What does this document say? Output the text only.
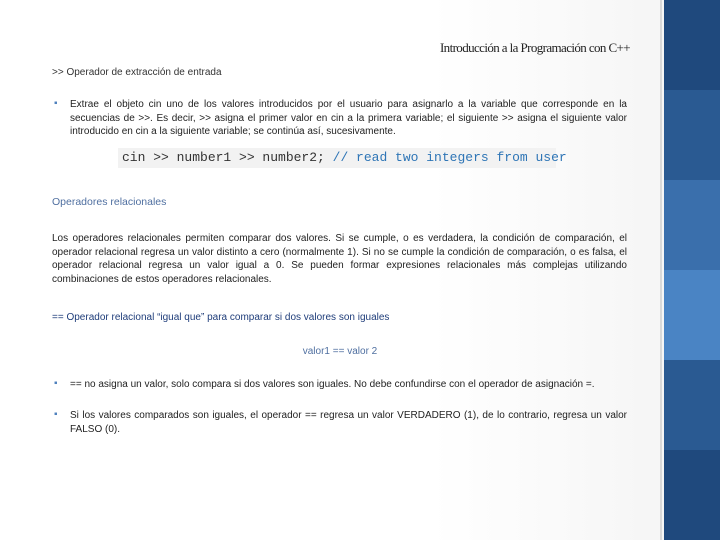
Introducción a la Programación con C++
>> Operador de extracción de entrada
▪ Extrae el objeto cin uno de los valores introducidos por el usuario para asignarlo a la variable que corresponde en la secuencias de >>. Es decir, >> asigna el primer valor en cin a la primera variable; el siguiente >> asigna el siguiente valor introducido en cin a la siguiente variable; se continúa así, sucesivamente.
cin >> number1 >> number2; // read two integers from user
Operadores relacionales
Los operadores relacionales permiten comparar dos valores. Si se cumple, o es verdadera, la condición de comparación, el operador relacional regresa un valor distinto a cero (normalmente 1). Si no se cumple la condición de comparación, o es falsa, el operador relacional regresa un valor igual a 0. Se pueden formar expresiones relacionales más complejas utilizando combinaciones de estos operadores relacionales.
== Operador relacional “igual que” para comparar si dos valores son iguales
valor1 == valor 2
▪ == no asigna un valor, solo compara si dos valores son iguales. No debe confundirse con el operador de asignación =.
▪ Si los valores comparados son iguales, el operador == regresa un valor VERDADERO (1), de lo contrario, regresa un valor FALSO (0).
